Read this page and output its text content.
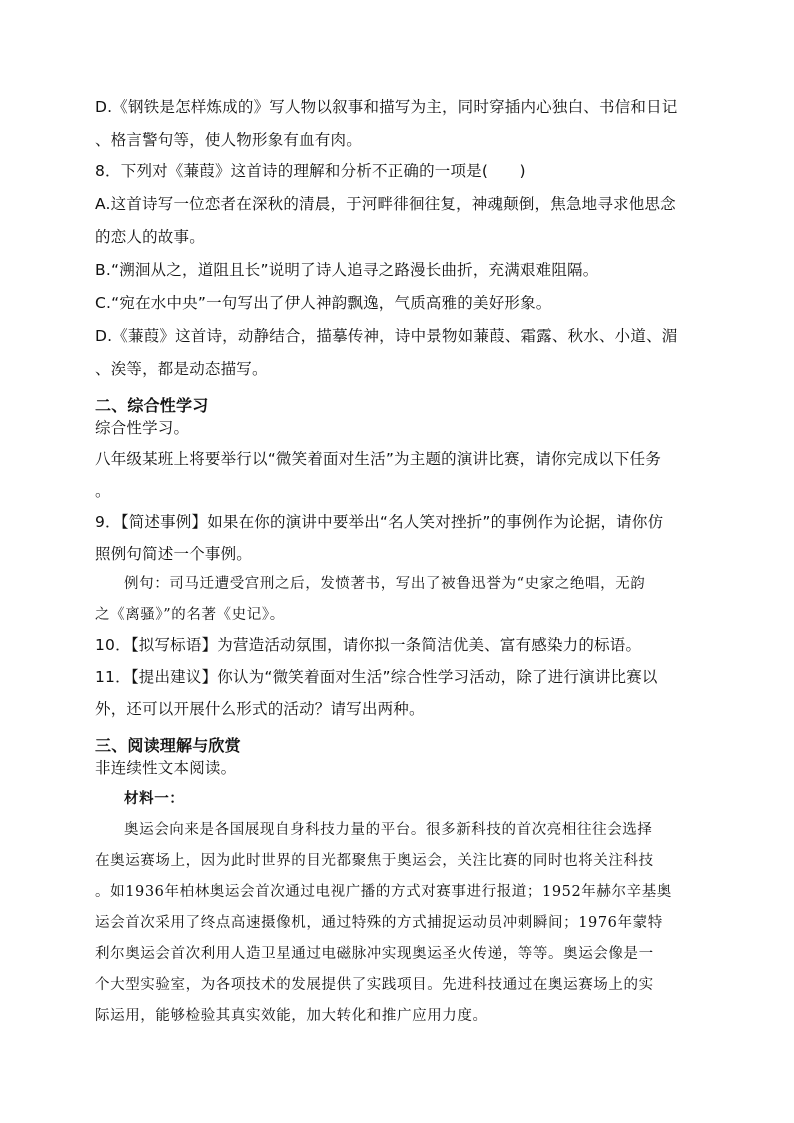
D.《钢铁是怎样炼成的》写人物以叙事和描写为主，同时穿插内心独白、书信和日记
、格言警句等，使人物形象有血有肉。
8．下列对《蒹葭》这首诗的理解和分析不正确的一项是(　　)
A.这首诗写一位恋者在深秋的清晨，于河畔徘徊往复，神魂颠倒，焦急地寻求他思念
的恋人的故事。
B.“溯洄从之，道阻且长”说明了诗人追寻之路漫长曲折，充满艰难阻隔。
C.“宛在水中央”一句写出了伊人神韵飘逸，气质高雅的美好形象。
D.《蒹葭》这首诗，动静结合，描摹传神，诗中景物如蒹葭、霜露、秋水、小道、湄
、涘等，都是动态描写。
二、综合性学习
综合性学习。
八年级某班上将要举行以“微笑着面对生活”为主题的演讲比赛，请你完成以下任务
。
9．【简述事例】如果在你的演讲中要举出“名人笑对挫折”的事例作为论据，请你仿
照例句简述一个事例。
例句：司马迁遭受宫刑之后，发愤著书，写出了被鲁迅誉为“史家之绝唱，无韵
之《离骚》”的名著《史记》。
10．【拟写标语】为营造活动氛围，请你拟一条简洁优美、富有感染力的标语。
11．【提出建议】你认为“微笑着面对生活”综合性学习活动，除了进行演讲比赛以
外，还可以开展什么形式的活动？请写出两种。
三、阅读理解与欣赏
非连续性文本阅读。
材料一：
奥运会向来是各国展现自身科技力量的平台。很多新科技的首次亮相往往会选择
在奥运赛场上，因为此时世界的目光都聚焦于奥运会，关注比赛的同时也将关注科技
。如1936年柏林奥运会首次通过电视广播的方式对赛事进行报道；1952年赫尔辛基奥
运会首次采用了终点高速摄像机，通过特殊的方式捕捉运动员冲刺瞬间；1976年蒙特
利尔奥运会首次利用人造卫星通过电磁脉冲实现奥运圣火传递，等等。奥运会像是一
个大型实验室，为各项技术的发展提供了实践项目。先进科技通过在奥运赛场上的实
际运用，能够检验其真实效能，加大转化和推广应用力度。
